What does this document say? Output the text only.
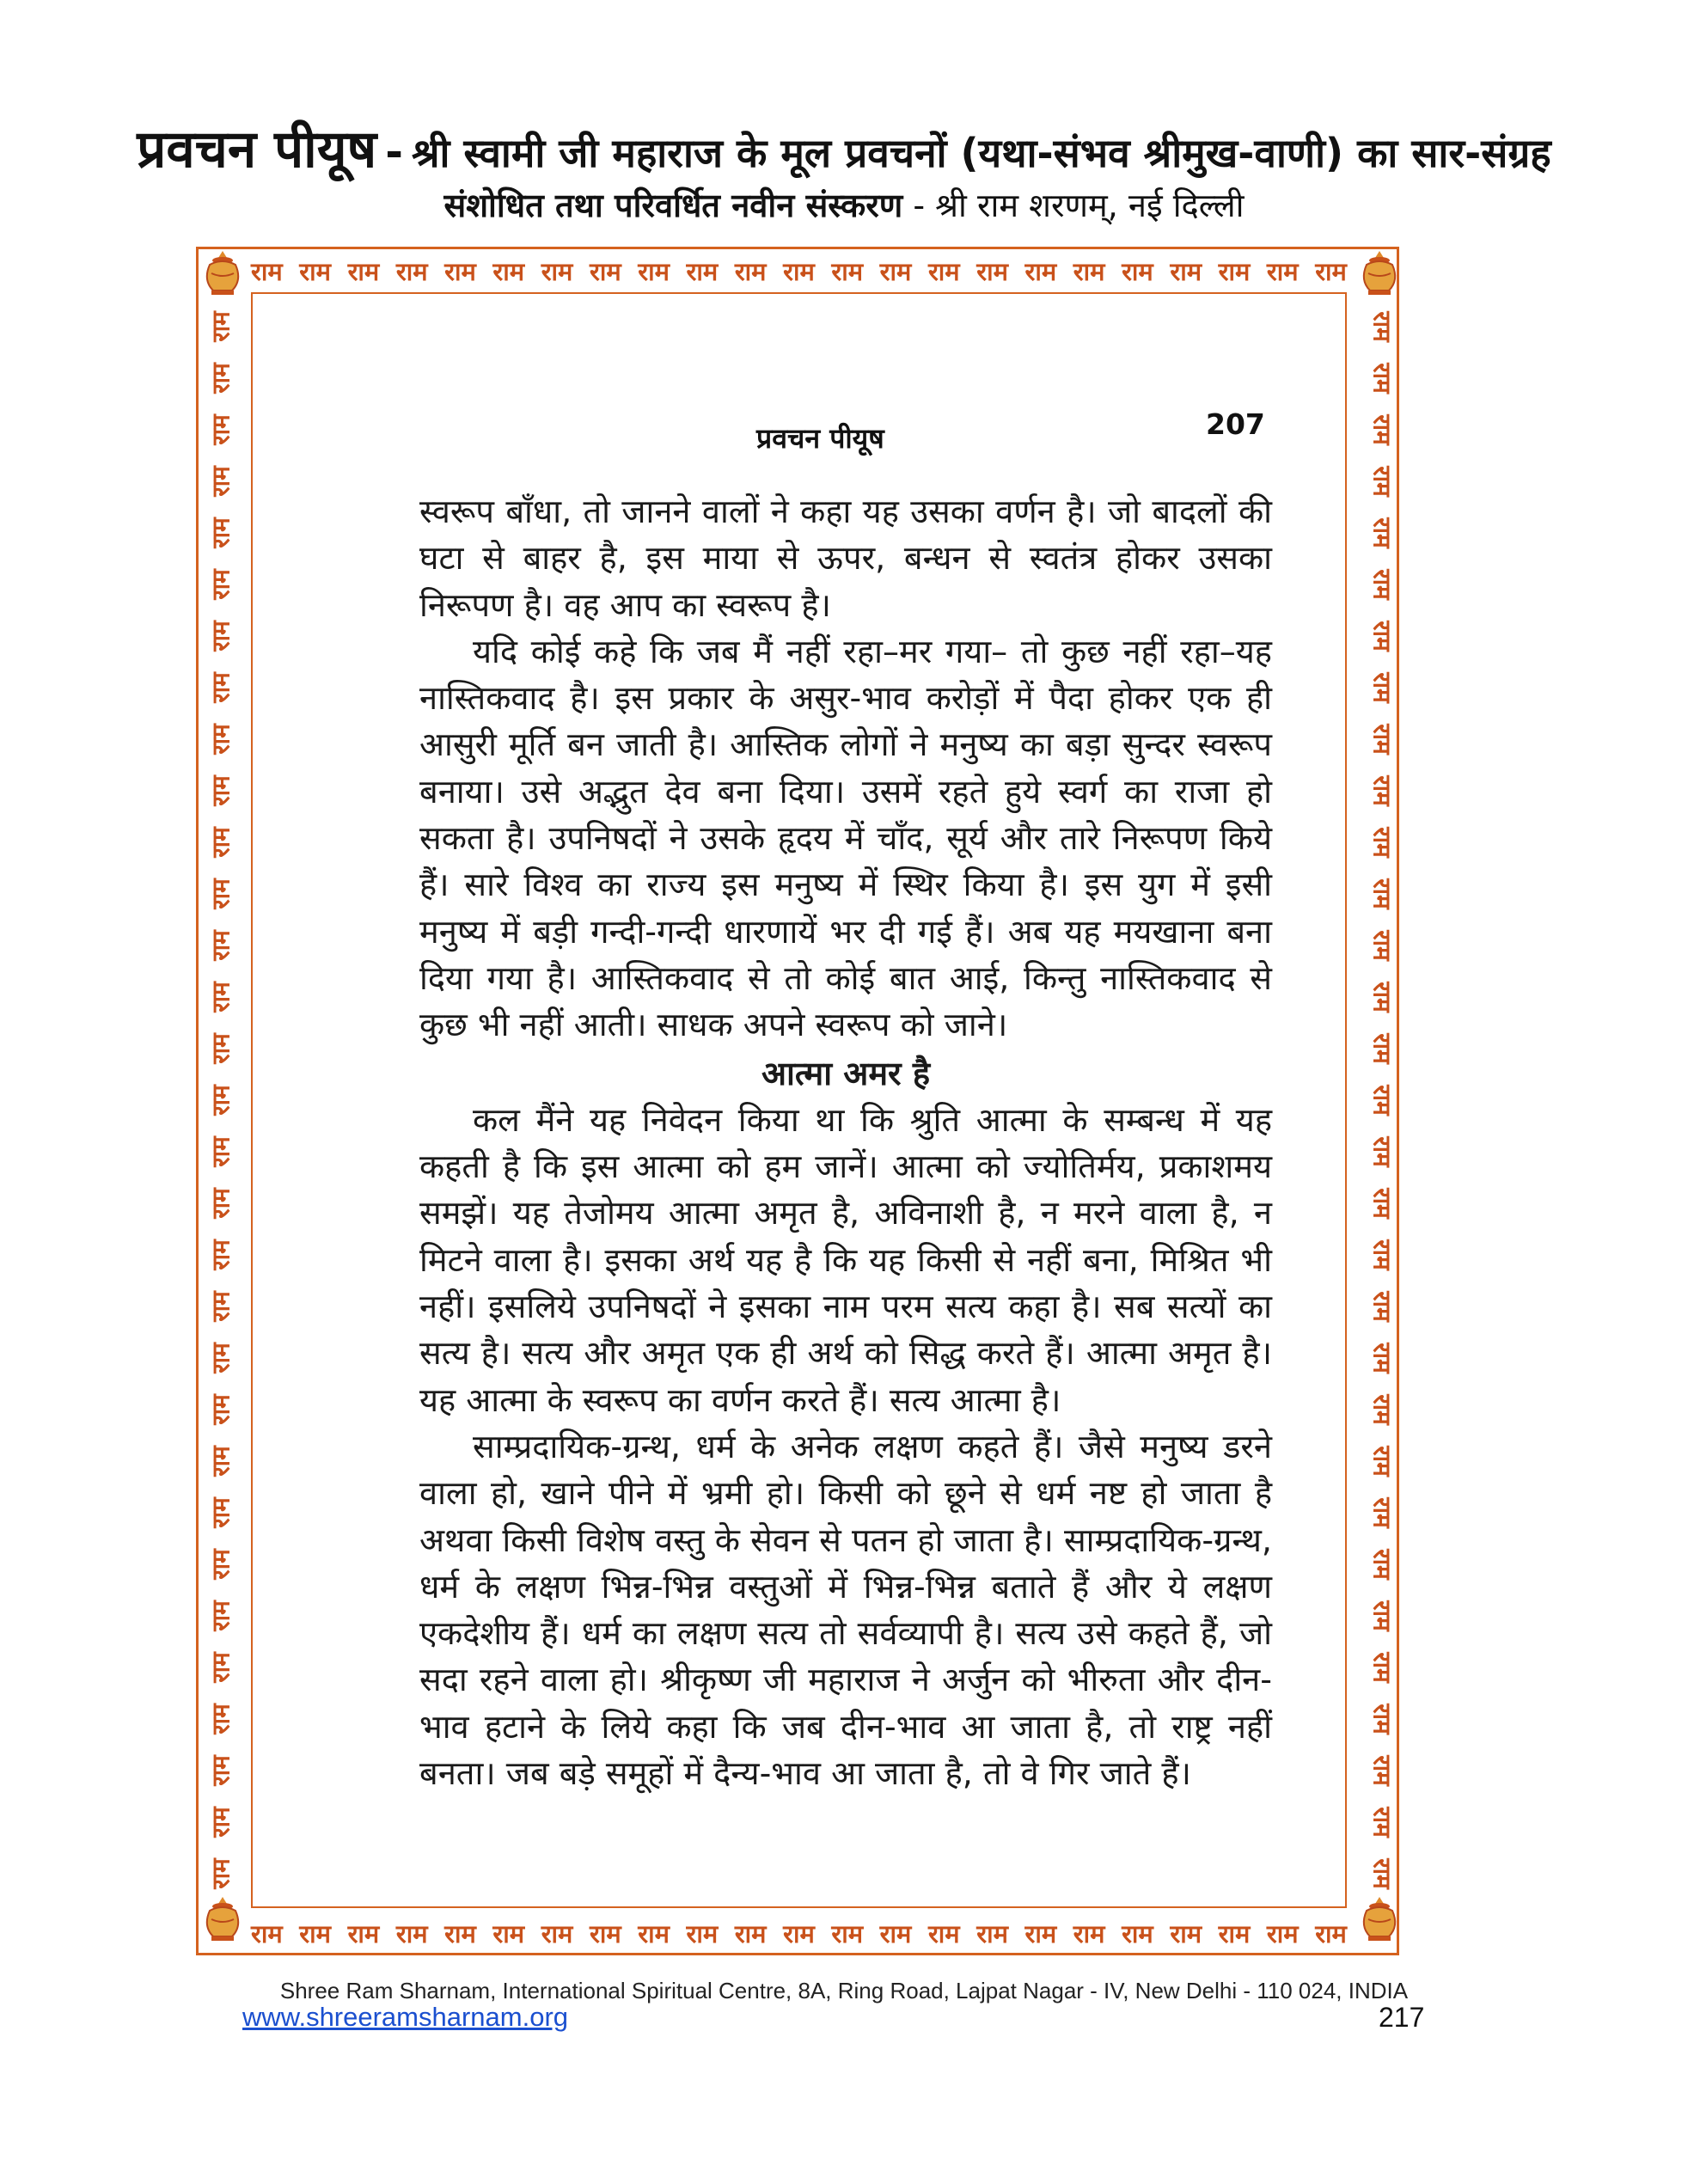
प्रवचन पीयूष - श्री स्वामी जी महाराज के मूल प्रवचनों (यथा-संभव श्रीमुख-वाणी) का सार-संग्रह
संशोधित तथा परिवर्धित नवीन संस्करण - श्री राम शरणम्, नई दिल्ली
राम राम राम राम राम राम राम राम राम राम राम राम राम राम राम राम राम राम राम राम राम राम राम
राम राम राम राम राम राम राम राम राम राम राम राम राम राम राम राम राम राम राम राम राम राम राम
राम
राम
राम
राम
राम
राम
राम
राम
राम
राम
राम
राम
राम
राम
राम
राम
राम
राम
राम
राम
राम
राम
राम
राम
राम
राम
राम
राम
राम
राम
राम
राम
राम
राम
राम
राम
राम
राम
राम
राम
राम
राम
राम
राम
राम
राम
राम
राम
राम
राम
राम
राम
राम
राम
राम
राम
राम
राम
राम
राम
राम
राम
प्रवचन पीयूष	207

स्वरूप बाँधा, तो जानने वालों ने कहा यह उसका वर्णन है। जो बादलों की घटा से बाहर है, इस माया से ऊपर, बन्धन से स्वतंत्र होकर उसका निरूपण है। वह आप का स्वरूप है।

यदि कोई कहे कि जब मैं नहीं रहा–मर गया– तो कुछ नहीं रहा–यह नास्तिकवाद है। इस प्रकार के असुर-भाव करोड़ों में पैदा होकर एक ही आसुरी मूर्ति बन जाती है। आस्तिक लोगों ने मनुष्य का बड़ा सुन्दर स्वरूप बनाया। उसे अद्भुत देव बना दिया। उसमें रहते हुये स्वर्ग का राजा हो सकता है। उपनिषदों ने उसके हृदय में चाँद, सूर्य और तारे निरूपण किये हैं। सारे विश्व का राज्य इस मनुष्य में स्थिर किया है। इस युग में इसी मनुष्य में बड़ी गन्दी-गन्दी धारणायें भर दी गई हैं। अब यह मयखाना बना दिया गया है। आस्तिकवाद से तो कोई बात आई, किन्तु नास्तिकवाद से कुछ भी नहीं आती। साधक अपने स्वरूप को जाने।

आत्मा अमर है

कल मैंने यह निवेदन किया था कि श्रुति आत्मा के सम्बन्ध में यह कहती है कि इस आत्मा को हम जानें। आत्मा को ज्योतिर्मय, प्रकाशमय समझें। यह तेजोमय आत्मा अमृत है, अविनाशी है, न मरने वाला है, न मिटने वाला है। इसका अर्थ यह है कि यह किसी से नहीं बना, मिश्रित भी नहीं। इसलिये उपनिषदों ने इसका नाम परम सत्य कहा है। सब सत्यों का सत्य है। सत्य और अमृत एक ही अर्थ को सिद्ध करते हैं। आत्मा अमृत है। यह आत्मा के स्वरूप का वर्णन करते हैं। सत्य आत्मा है।

साम्प्रदायिक-ग्रन्थ, धर्म के अनेक लक्षण कहते हैं। जैसे मनुष्य डरने वाला हो, खाने पीने में भ्रमी हो। किसी को छूने से धर्म नष्ट हो जाता है अथवा किसी विशेष वस्तु के सेवन से पतन हो जाता है। साम्प्रदायिक-ग्रन्थ, धर्म के लक्षण भिन्न-भिन्न वस्तुओं में भिन्न-भिन्न बताते हैं और ये लक्षण एकदेशीय हैं। धर्म का लक्षण सत्य तो सर्वव्यापी है। सत्य उसे कहते हैं, जो सदा रहने वाला हो। श्रीकृष्ण जी महाराज ने अर्जुन को भीरुता और दीन-भाव हटाने के लिये कहा कि जब दीन-भाव आ जाता है, तो राष्ट्र नहीं बनता। जब बड़े समूहों में दैन्य-भाव आ जाता है, तो वे गिर जाते हैं।

Shree Ram Sharnam, International Spiritual Centre, 8A, Ring Road, Lajpat Nagar - IV, New Delhi - 110 024, INDIA
www.shreeramsharnam.org	217
